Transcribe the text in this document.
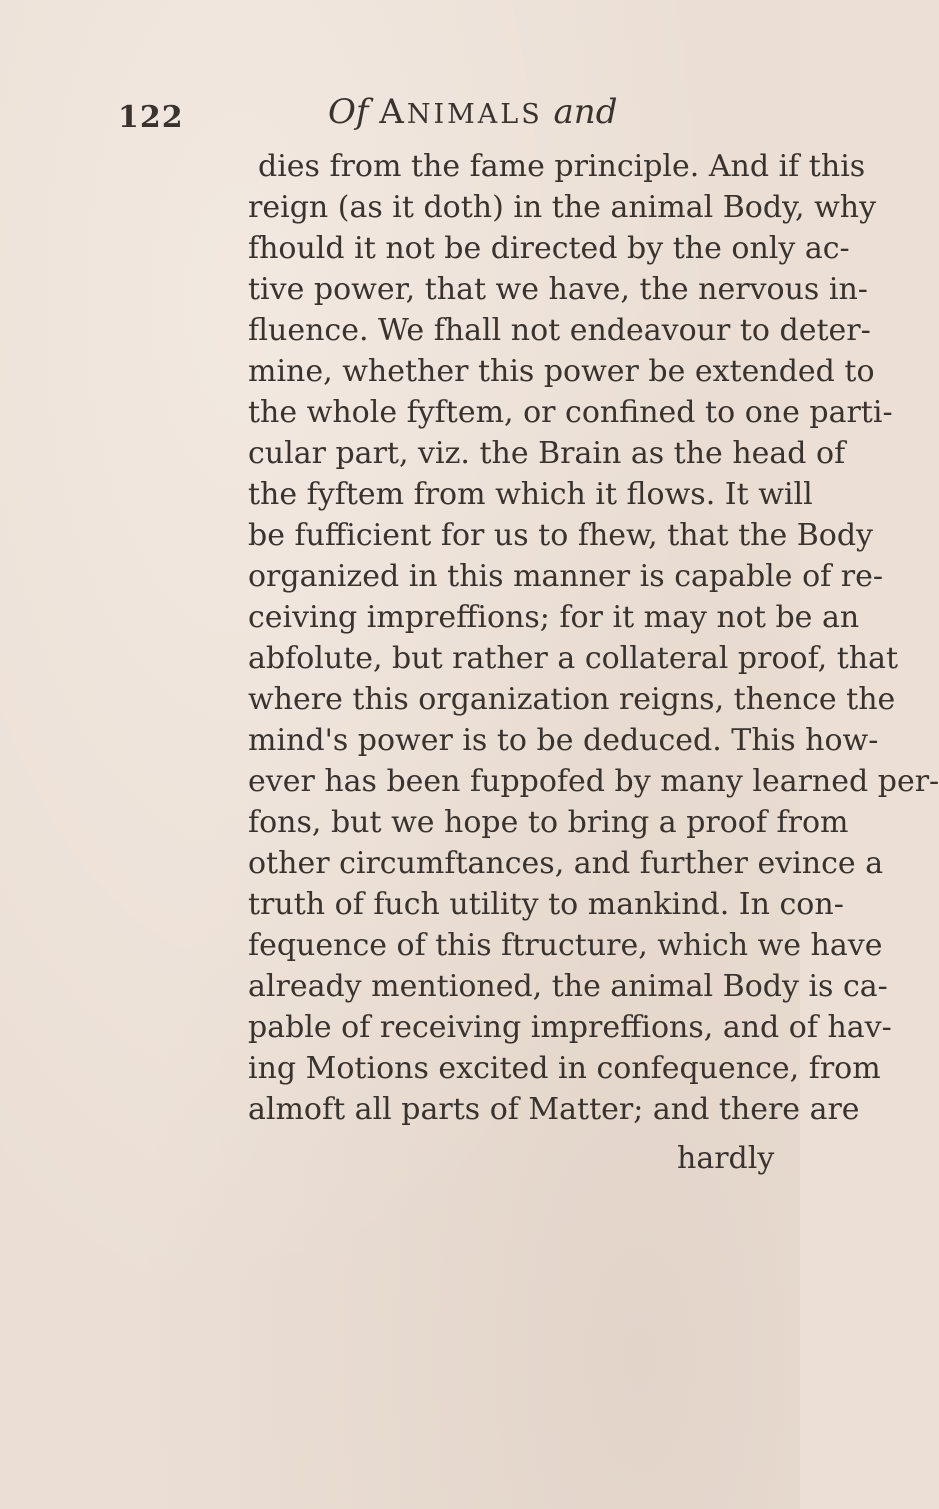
122	Of ANIMALS and
dies from the fame principle. And if this
reign (as it doth) in the animal Body, why
fhould it not be directed by the only ac-
tive power, that we have, the nervous in-
fluence. We fhall not endeavour to deter-
mine, whether this power be extended to
the whole fyftem, or confined to one parti-
cular part, viz. the Brain as the head of
the fyftem from which it flows. It will
be fufficient for us to fhew, that the Body
organized in this manner is capable of re-
ceiving impreffions; for it may not be an
abfolute, but rather a collateral proof, that
where this organization reigns, thence the
mind's power is to be deduced. This how-
ever has been fuppofed by many learned per-
fons, but we hope to bring a proof from
other circumftances, and further evince a
truth of fuch utility to mankind. In con-
fequence of this ftructure, which we have
already mentioned, the animal Body is ca-
pable of receiving impreffions, and of hav-
ing Motions excited in confequence, from
almoft all parts of Matter; and there are
hardly
